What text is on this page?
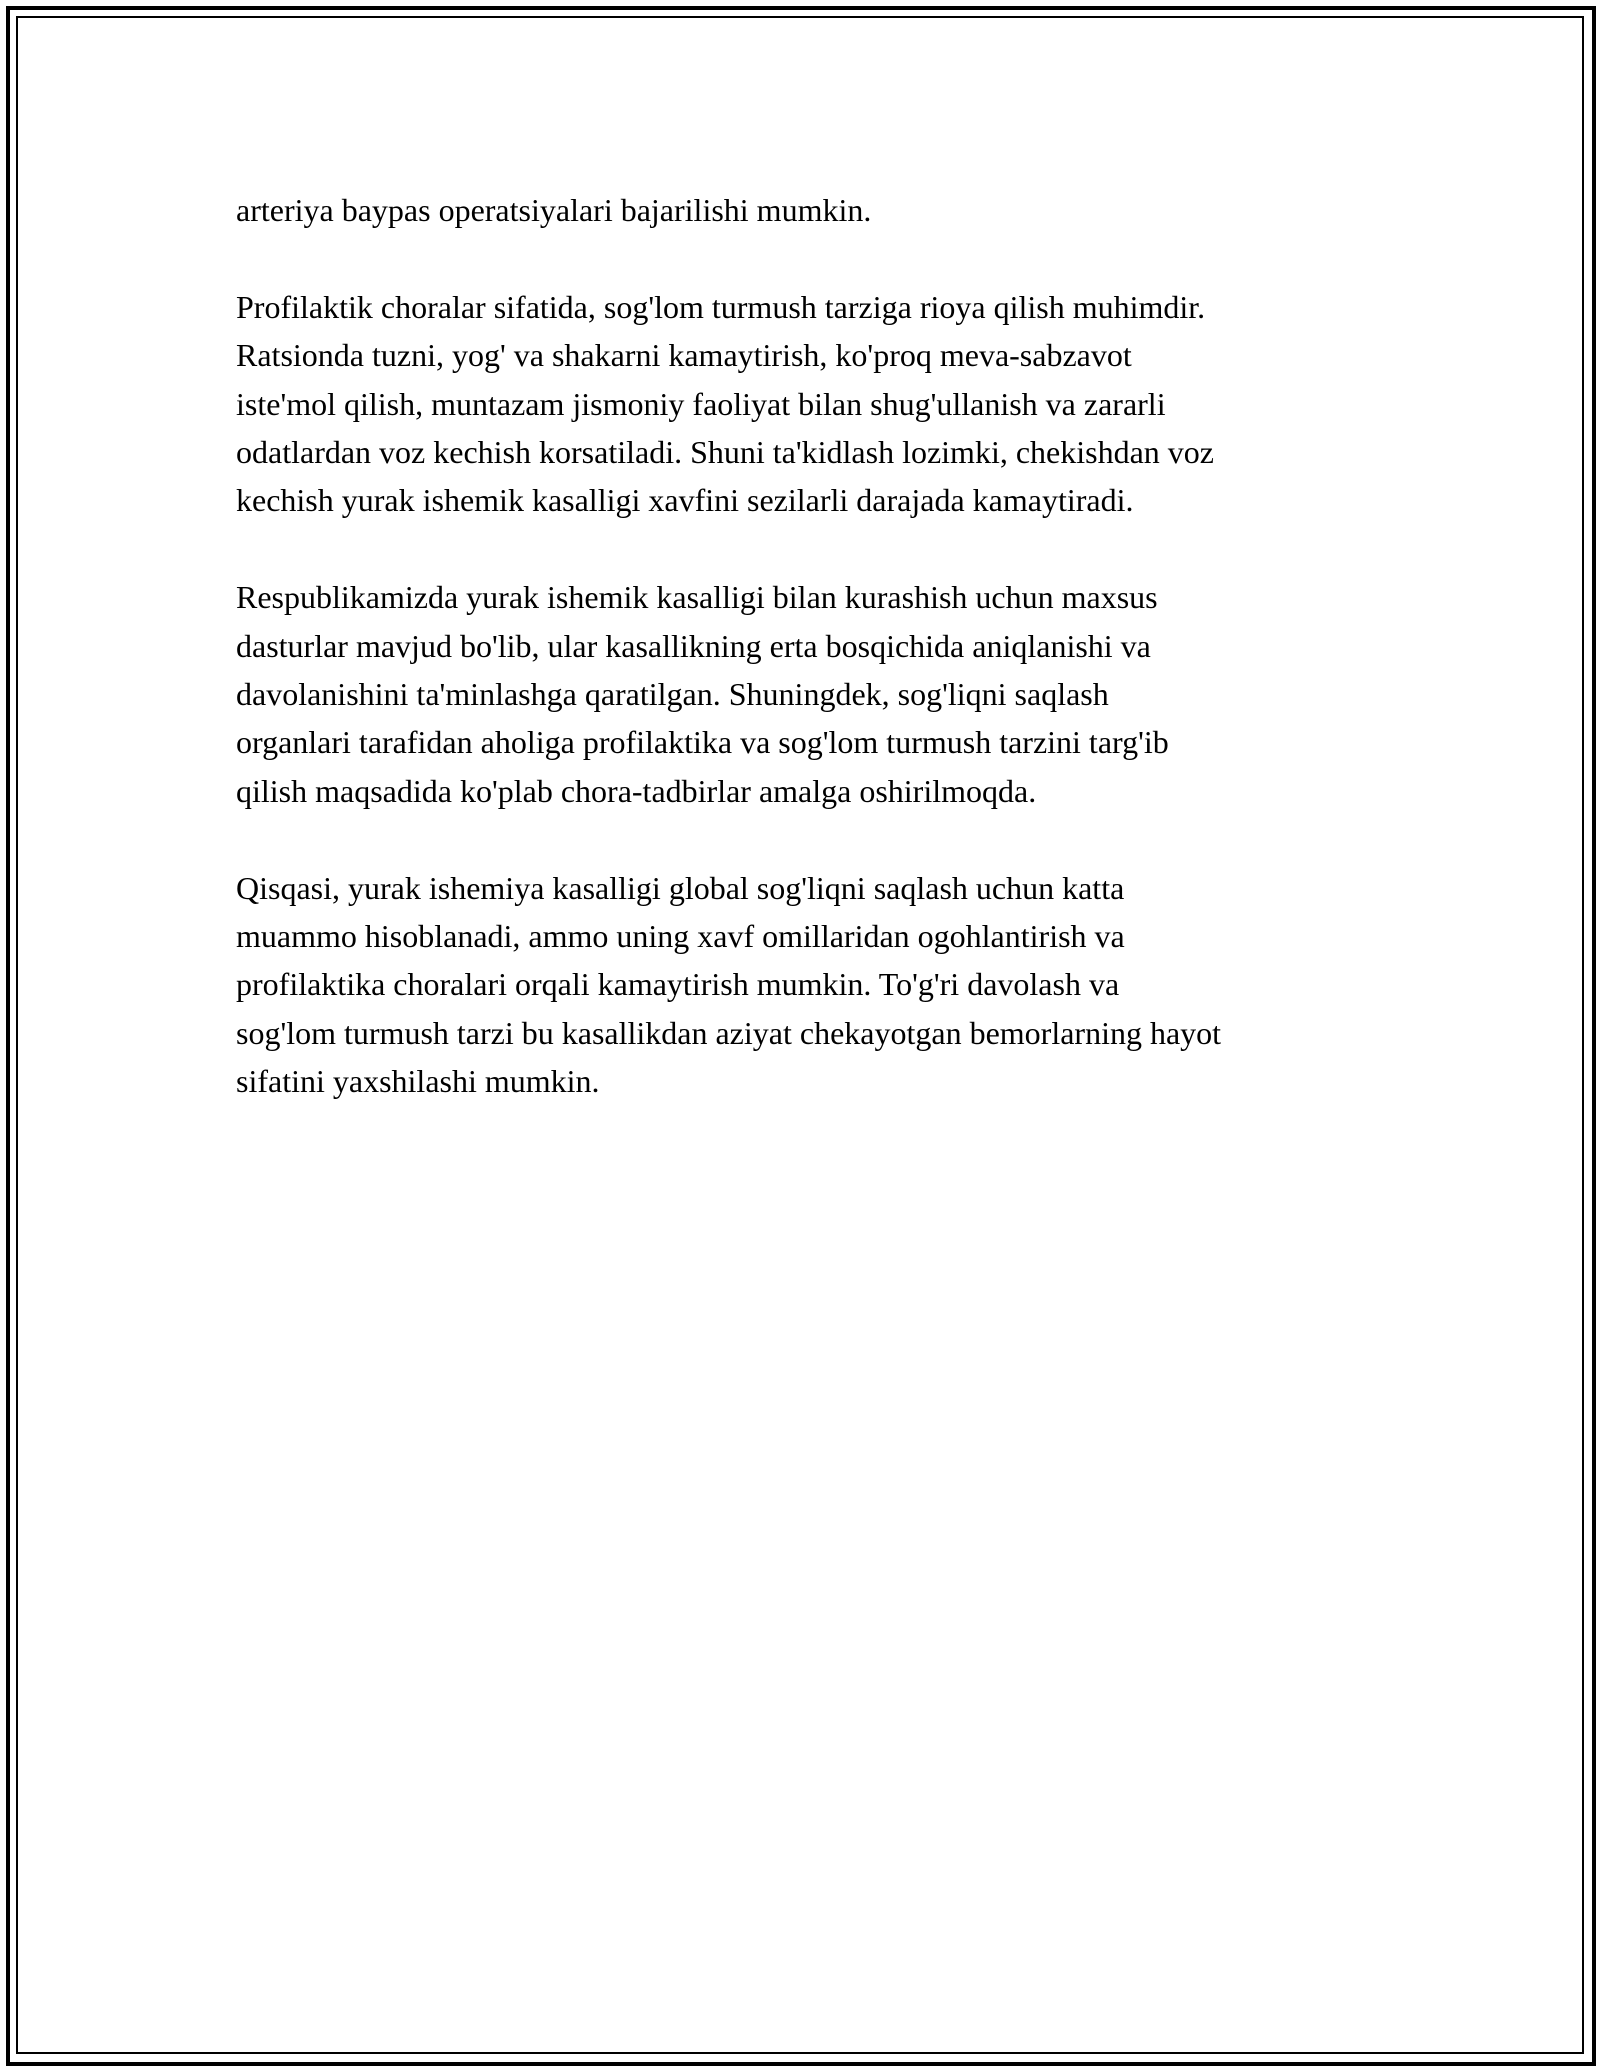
arteriya baypas operatsiyalari bajarilishi mumkin.

Profilaktik choralar sifatida, sog'lom turmush tarziga rioya qilish muhimdir.
Ratsionda tuzni, yog' va shakarni kamaytirish, ko'proq meva-sabzavot
iste'mol qilish, muntazam jismoniy faoliyat bilan shug'ullanish va zararli
odatlardan voz kechish korsatiladi. Shuni ta'kidlash lozimki, chekishdan voz
kechish yurak ishemik kasalligi xavfini sezilarli darajada kamaytiradi.

Respublikamizda yurak ishemik kasalligi bilan kurashish uchun maxsus
dasturlar mavjud bo'lib, ular kasallikning erta bosqichida aniqlanishi va
davolanishini ta'minlashga qaratilgan. Shuningdek, sog'liqni saqlash
organlari tarafidan aholiga profilaktika va sog'lom turmush tarzini targ'ib
qilish maqsadida ko'plab chora-tadbirlar amalga oshirilmoqda.

Qisqasi, yurak ishemiya kasalligi global sog'liqni saqlash uchun katta
muammo hisoblanadi, ammo uning xavf omillaridan ogohlantirish va
profilaktika choralari orqali kamaytirish mumkin. To'g'ri davolash va
sog'lom turmush tarzi bu kasallikdan aziyat chekayotgan bemorlarning hayot
sifatini yaxshilashi mumkin.
